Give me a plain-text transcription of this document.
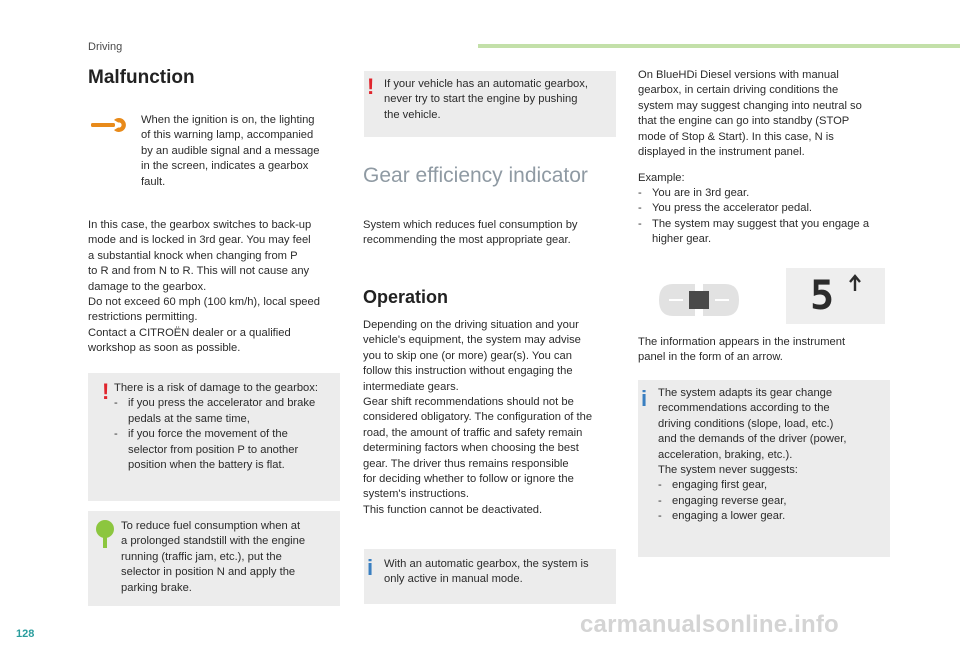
Driving
Malfunction

When the ignition is on, the lighting
of this warning lamp, accompanied
by an audible signal and a message
in the screen, indicates a gearbox
fault.

In this case, the gearbox switches to back-up
mode and is locked in 3rd gear. You may feel
a substantial knock when changing from P
to R and from N to R. This will not cause any
damage to the gearbox.
Do not exceed 60 mph (100 km/h), local speed
restrictions permitting.
Contact a CITROËN dealer or a qualified
workshop as soon as possible.

! There is a risk of damage to the gearbox:

- if you press the accelerator and brake
pedals at the same time,

- if you force the movement of the
selector from position P to another
position when the battery is flat.

To reduce fuel consumption when at
a prolonged standstill with the engine
running (traffic jam, etc.), put the
selector in position N and apply the
parking brake.

! If your vehicle has an automatic gearbox,
never try to start the engine by pushing
the vehicle.

Gear efficiency indicator

System which reduces fuel consumption by
recommending the most appropriate gear.

Operation

Depending on the driving situation and your
vehicle's equipment, the system may advise
you to skip one (or more) gear(s). You can
follow this instruction without engaging the
intermediate gears.
Gear shift recommendations should not be
considered obligatory. The configuration of the
road, the amount of traffic and safety remain
determining factors when choosing the best
gear. The driver thus remains responsible
for deciding whether to follow or ignore the
system's instructions.
This function cannot be deactivated.

i With an automatic gearbox, the system is
only active in manual mode.

On BlueHDi Diesel versions with manual
gearbox, in certain driving conditions the
system may suggest changing into neutral so
that the engine can go into standby (STOP
mode of Stop & Start). In this case, N is
displayed in the instrument panel.

Example:

- You are in 3rd gear.

- You press the accelerator pedal.

- The system may suggest that you engage a
higher gear.

5

The information appears in the instrument
panel in the form of an arrow.

i The system adapts its gear change
recommendations according to the
driving conditions (slope, load, etc.)
and the demands of the driver (power,
acceleration, braking, etc.).
The system never suggests:

- engaging first gear,

- engaging reverse gear,

- engaging a lower gear.

128	carmanualsonline.info
